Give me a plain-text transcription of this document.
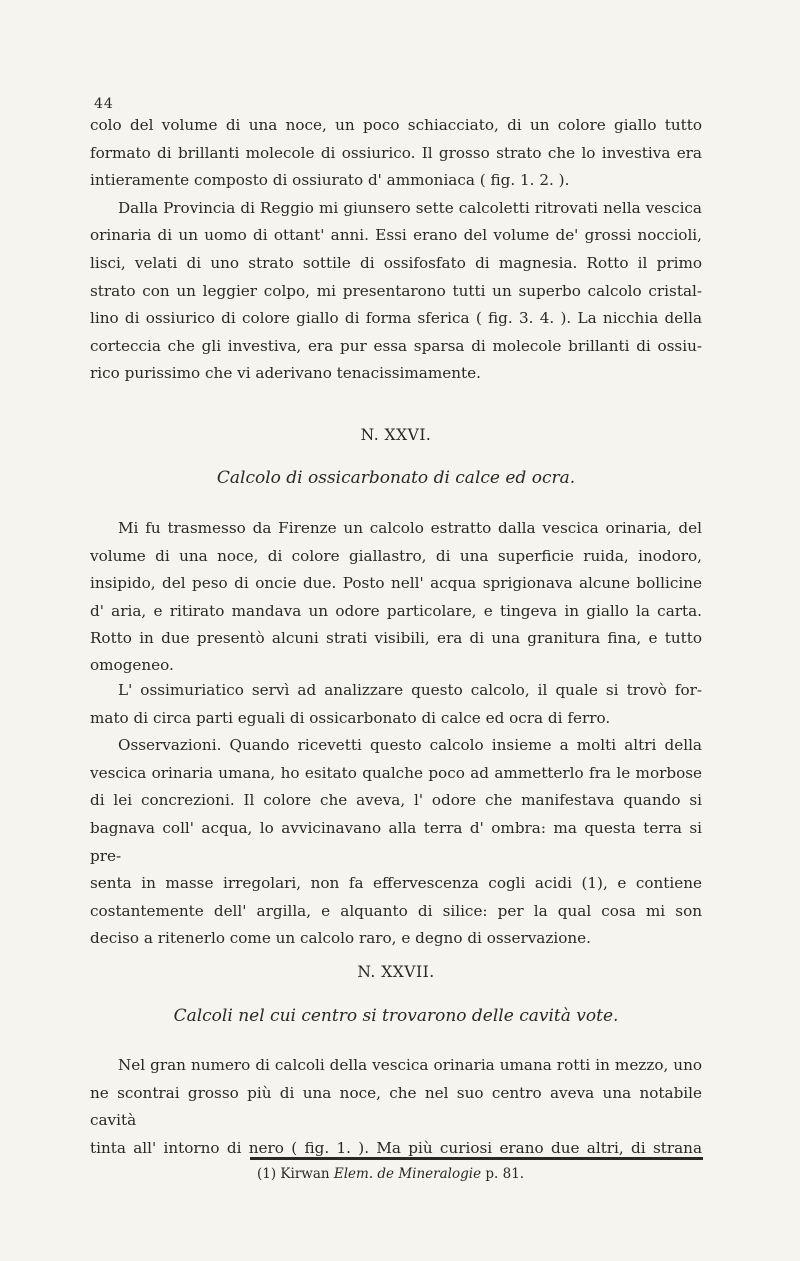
44
colo del volume di una noce, un poco schiacciato, di un colore giallo tutto
formato di brillanti molecole di ossiurico. Il grosso strato che lo investiva era
intieramente composto di ossiurato d' ammoniaca ( fig. 1. 2. ).
Dalla Provincia di Reggio mi giunsero sette calcoletti ritrovati nella vescica
orinaria di un uomo di ottant' anni. Essi erano del volume de' grossi noccioli,
lisci, velati di uno strato sottile di ossifosfato di magnesia. Rotto il primo
strato con un leggier colpo, mi presentarono tutti un superbo calcolo cristal-
lino di ossiurico di colore giallo di forma sferica ( fig. 3. 4. ). La nicchia della
corteccia che gli investiva, era pur essa sparsa di molecole brillanti di ossiu-
rico purissimo che vi aderivano tenacissimamente.
N. XXVI.
Calcolo di ossicarbonato di calce ed ocra.
Mi fu trasmesso da Firenze un calcolo estratto dalla vescica orinaria, del
volume di una noce, di colore giallastro, di una superficie ruida, inodoro,
insipido, del peso di oncie due. Posto nell' acqua sprigionava alcune bollicine
d' aria, e ritirato mandava un odore particolare, e tingeva in giallo la carta.
Rotto in due presentò alcuni strati visibili, era di una granitura fina, e tutto
omogeneo.
L' ossimuriatico servì ad analizzare questo calcolo, il quale si trovò for-
mato di circa parti eguali di ossicarbonato di calce ed ocra di ferro.
Osservazioni. Quando ricevetti questo calcolo insieme a molti altri della
vescica orinaria umana, ho esitato qualche poco ad ammetterlo fra le morbose
di lei concrezioni. Il colore che aveva, l' odore che manifestava quando si
bagnava coll' acqua, lo avvicinavano alla terra d' ombra: ma questa terra si pre-
senta in masse irregolari, non fa effervescenza cogli acidi (1), e contiene
costantemente dell' argilla, e alquanto di silice: per la qual cosa mi son
deciso a ritenerlo come un calcolo raro, e degno di osservazione.
N. XXVII.
Calcoli nel cui centro si trovarono delle cavità vote.
Nel gran numero di calcoli della vescica orinaria umana rotti in mezzo, uno
ne scontrai grosso più di una noce, che nel suo centro aveva una notabile cavità
tinta all' intorno di nero ( fig. 1. ). Ma più curiosi erano due altri, di strana
(1) Kirwan Elem. de Mineralogie p. 81.
